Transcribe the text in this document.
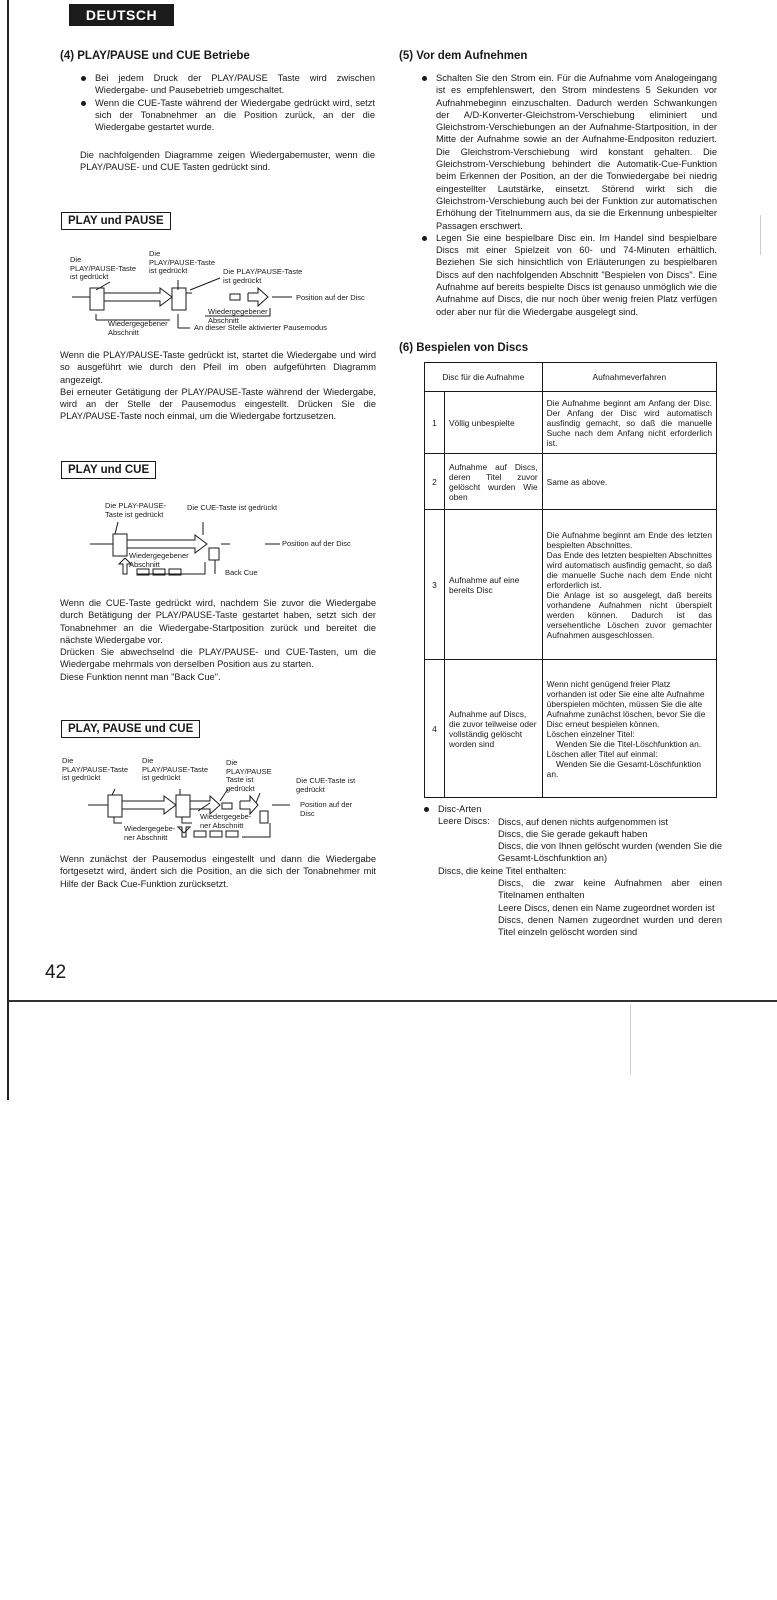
DEUTSCH
(4) PLAY/PAUSE und CUE Betriebe
Bei jedem Druck der PLAY/PAUSE Taste wird zwischen Wiedergabe- und Pausebetrieb umgeschaltet.
Wenn die CUE-Taste während der Wiedergabe gedrückt wird, setzt sich der Tonabnehmer an die Position zurück, an der die Wiedergabe gestartet wurde.
Die nachfolgenden Diagramme zeigen Wiedergabemuster, wenn die PLAY/PAUSE- und CUE Tasten gedrückt sind.
PLAY und PAUSE
Die
PLAY/PAUSE-Taste
ist gedrückt
Die
PLAY/PAUSE-Taste
ist gedrückt	Die PLAY/PAUSE-Taste
ist gedrückt
Position auf der Disc
Wiedergegebener
Abschnitt
Wiedergegebener
Abschnitt	An dieser Stelle aktivierter Pausemodus
Wenn die PLAY/PAUSE-Taste gedrückt ist, startet die Wiedergabe und wird so ausgeführt wie durch den Pfeil im oben aufgeführten Diagramm angezeigt.
Bei erneuter Getätigung der PLAY/PAUSE-Taste während der Wiedergabe, wird an der Stelle der Pausemodus eingestellt. Drücken Sie die PLAY/PAUSE-Taste noch einmal, um die Wiedergabe fortzusetzen.
PLAY und CUE
Die PLAY-PAUSE-
Taste ist gedrückt
Die CUE-Taste ist gedrückt
Position auf der Disc
Wiedergegebener
Abschnitt
Back Cue
Wenn die CUE-Taste gedrückt wird, nachdem Sie zuvor die Wiedergabe durch Betätigung der PLAY/PAUSE-Taste gestartet haben, setzt sich der Tonabnehmer an die Wiedergabe-Startposition zurück und bereitet die nächste Wiedergabe vor.
Drücken Sie abwechselnd die PLAY/PAUSE- und CUE-Tasten, um die Wiedergabe mehrmals von derselben Position aus zu starten.
Diese Funktion nennt man "Back Cue".
PLAY, PAUSE und CUE
Die
PLAY/PAUSE-Taste
ist gedrückt
Die
PLAY/PAUSE-Taste
ist gedrückt
Die
PLAY/PAUSE
Taste ist
gedrückt
Die CUE-Taste ist
gedrückt
Position auf der
Disc
Wiedergegebe-
ner Abschnitt
Wiedergegebe-
ner Abschnitt
Wenn zunächst der Pausemodus eingestellt und dann die Wiedergabe fortgesetzt wird, ändert sich die Position, an die sich der Tonabnehmer mit Hilfe der Back Cue-Funktion zurücksetzt.
42
(5) Vor dem Aufnehmen
Schalten Sie den Strom ein. Für die Aufnahme vom Analogeingang ist es empfehlenswert, den Strom mindestens 5 Sekunden vor Aufnahmebeginn einzuschalten. Dadurch werden Schwankungen der A/D-Konverter-Gleichstrom-Verschiebung eliminiert und Gleichstrom-Verschiebungen an der Aufnahme-Startposition, in der Mitte der Aufnahme sowie an der Aufnahme-Endpositon reduziert. Die Gleichstrom-Verschiebung wird konstant gehalten. Die Gleichstrom-Verschiebung behindert die Automatik-Cue-Funktion beim Erkennen der Position, an der die Tonwiedergabe bei niedrig eingestellter Lautstärke, einsetzt. Störend wirkt sich die Gleichstrom-Verschiebung auch bei der Funktion zur automatischen Erhöhung der Titelnummern aus, da sie die Erkennung unbespielter Passagen erschwert.
Legen Sie eine bespielbare Disc ein. Im Handel sind bespielbare Discs mit einer Spielzeit von 60- und 74-Minuten erhältlich. Beziehen Sie sich hinsichtlich von Erläuterungen zu bespielbaren Discs auf den nachfolgenden Abschnitt "Bespielen von Discs". Eine Aufnahme auf bereits bespielte Discs ist genauso unmöglich wie die Aufnahme auf Discs, die nur noch über wenig freien Platz verfügen oder aber nur für die Wiedergabe ausgelegt sind.
(6) Bespielen von Discs
Disc für die Aufnahme		Aufnahmeverfahren
1	Völlig unbespielte	Die Aufnahme beginnt am Anfang der Disc. Der Anfang der Disc wird automatisch ausfindig gemacht, so daß die manuelle Suche nach dem Anfang nicht erforderlich ist.
2	Aufnahme auf Discs, deren Titel zuvor gelöscht wurden Wie oben	Same as above.
3	Aufnahme auf eine bereits Disc	Die Aufnahme beginnt am Ende des letzten bespielten Abschnittes.
Das Ende des letzten bespielten Abschnittes wird automatisch ausfindig gemacht, so daß die manuelle Suche nach dem Ende nicht erforderlich ist.
Die Anlage ist so ausgelegt, daß bereits vorhandene Aufnahmen nicht überspielt werden können. Dadurch ist das versehentliche Löschen zuvor gemachter Aufnahmen ausgeschlossen.
4	Aufnahme auf Discs, die zuvor teilweise oder vollständig gelöscht worden sind	Wenn nicht genügend freier Platz vorhanden ist oder Sie eine alte Aufnahme überspielen möchten, müssen Sie die alte Aufnahme zunächst löschen, bevor Sie die Disc erneut bespielen können.
Löschen einzelner Titel:
Wenden Sie die Titel-Löschfunktion an.
Löschen aller Titel auf einmal:
Wenden Sie die Gesamt-Löschfunktion an.
Disc-Arten
Leere Discs: Discs, auf denen nichts aufgenommen ist
Discs, die Sie gerade gekauft haben
Discs, die von Ihnen gelöscht wurden (wenden Sie die Gesamt-Löschfunktion an)
Discs, die keine Titel enthalten:
Discs, die zwar keine Aufnahmen aber einen Titelnamen enthalten
Leere Discs, denen ein Name zugeordnet worden ist
Discs, denen Namen zugeordnet wurden und deren Titel einzeln gelöscht worden sind
